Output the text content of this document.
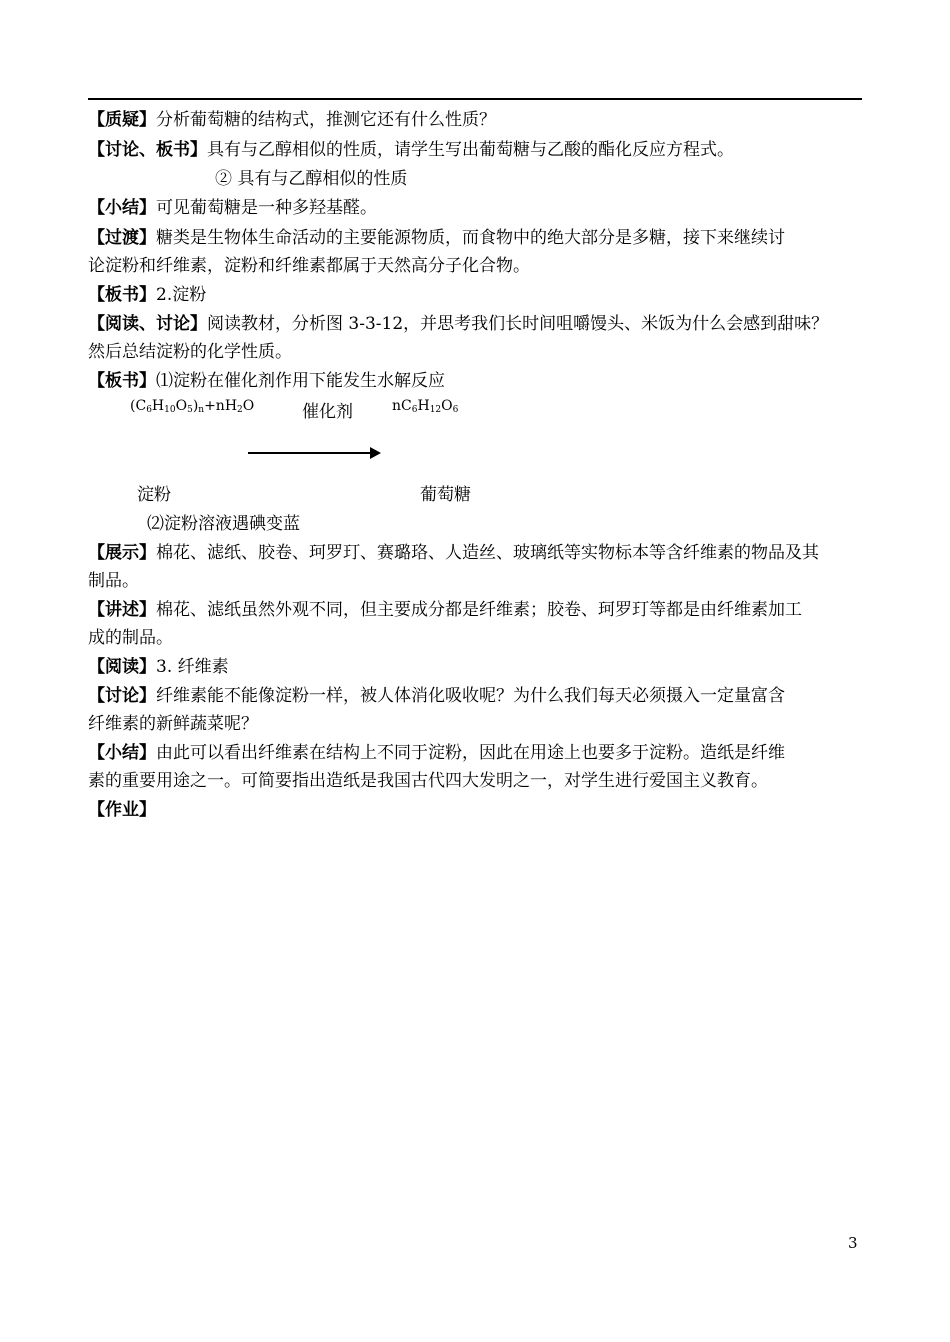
【质疑】分析葡萄糖的结构式，推测它还有什么性质？
【讨论、板书】具有与乙醇相似的性质，请学生写出葡萄糖与乙酸的酯化反应方程式。
② 具有与乙醇相似的性质
【小结】可见葡萄糖是一种多羟基醛。
【过渡】糖类是生物体生命活动的主要能源物质，而食物中的绝大部分是多糖，接下来继续讨
论淀粉和纤维素，淀粉和纤维素都属于天然高分子化合物。
【板书】2.淀粉
【阅读、讨论】阅读教材，分析图 3-3-12，并思考我们长时间咀嚼馒头、米饭为什么会感到甜味？
然后总结淀粉的化学性质。
【板书】⑴淀粉在催化剂作用下能发生水解反应
$(C_6H_{10}O_5)_n+nH_2O$	催化剂	$nC_6H_{12}O_6$
淀粉	葡萄糖
⑵淀粉溶液遇碘变蓝
【展示】棉花、滤纸、胶卷、珂罗玎、赛璐珞、人造丝、玻璃纸等实物标本等含纤维素的物品及其
制品。
【讲述】棉花、滤纸虽然外观不同，但主要成分都是纤维素；胶卷、珂罗玎等都是由纤维素加工
成的制品。
【阅读】3. 纤维素
【讨论】纤维素能不能像淀粉一样，被人体消化吸收呢？为什么我们每天必须摄入一定量富含
纤维素的新鲜蔬菜呢？
【小结】由此可以看出纤维素在结构上不同于淀粉，因此在用途上也要多于淀粉。造纸是纤维
素的重要用途之一。可简要指出造纸是我国古代四大发明之一，对学生进行爱国主义教育。
【作业】
3
